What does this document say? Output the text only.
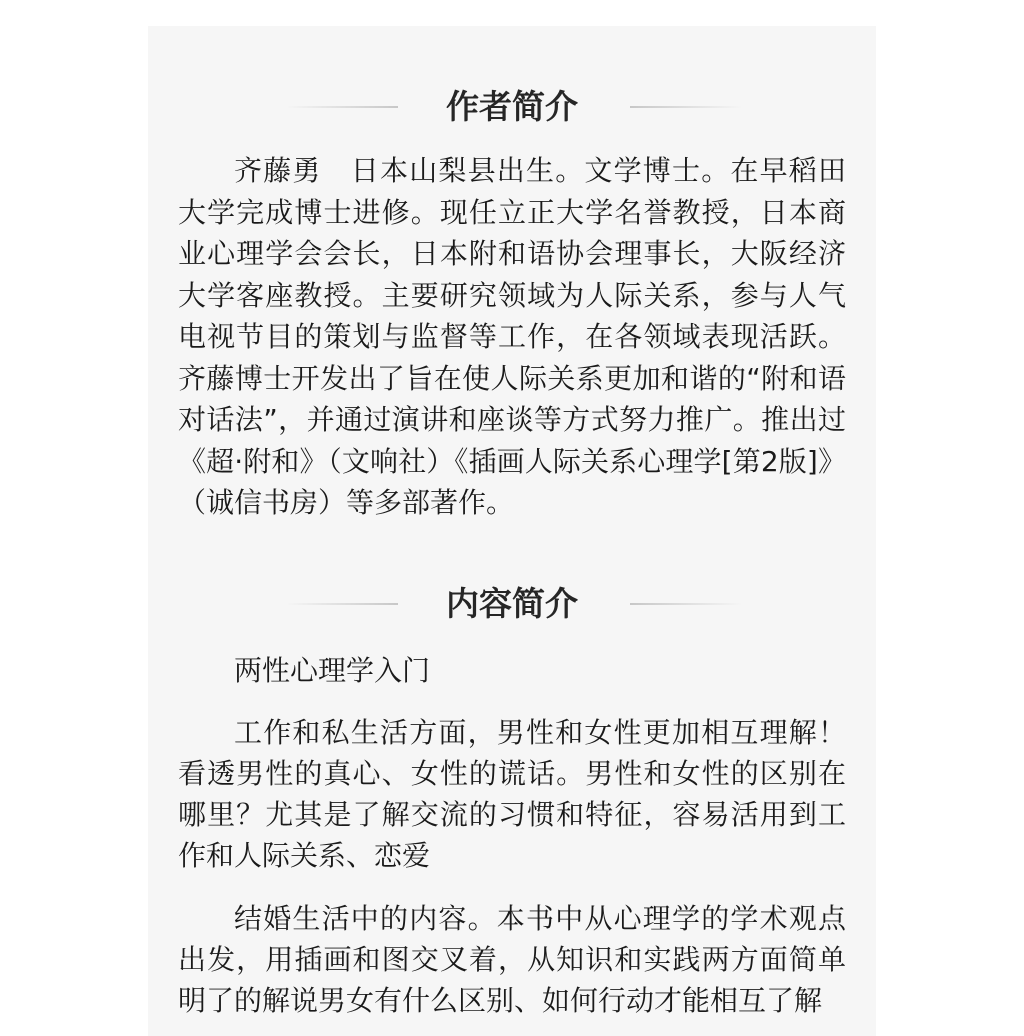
作者简介

齐藤勇　日本山梨县出生。文学博士。在早稻田大学完成博士进修。现任立正大学名誉教授，日本商业心理学会会长，日本附和语协会理事长，大阪经济大学客座教授。主要研究领域为人际关系，参与人气电视节目的策划与监督等工作，在各领域表现活跃。齐藤博士开发出了旨在使人际关系更加和谐的“附和语对话法”，并通过演讲和座谈等方式努力推广。推出过《超·附和》（文响社）《插画人际关系心理学[第2版]》（诚信书房）等多部著作。

内容简介

两性心理学入门

工作和私生活方面，男性和女性更加相互理解！看透男性的真心、女性的谎话。男性和女性的区别在哪里？尤其是了解交流的习惯和特征，容易活用到工作和人际关系、恋爱

结婚生活中的内容。本书中从心理学的学术观点出发，用插画和图交叉着，从知识和实践两方面简单明了的解说男女有什么区别、如何行动才能相互了解
